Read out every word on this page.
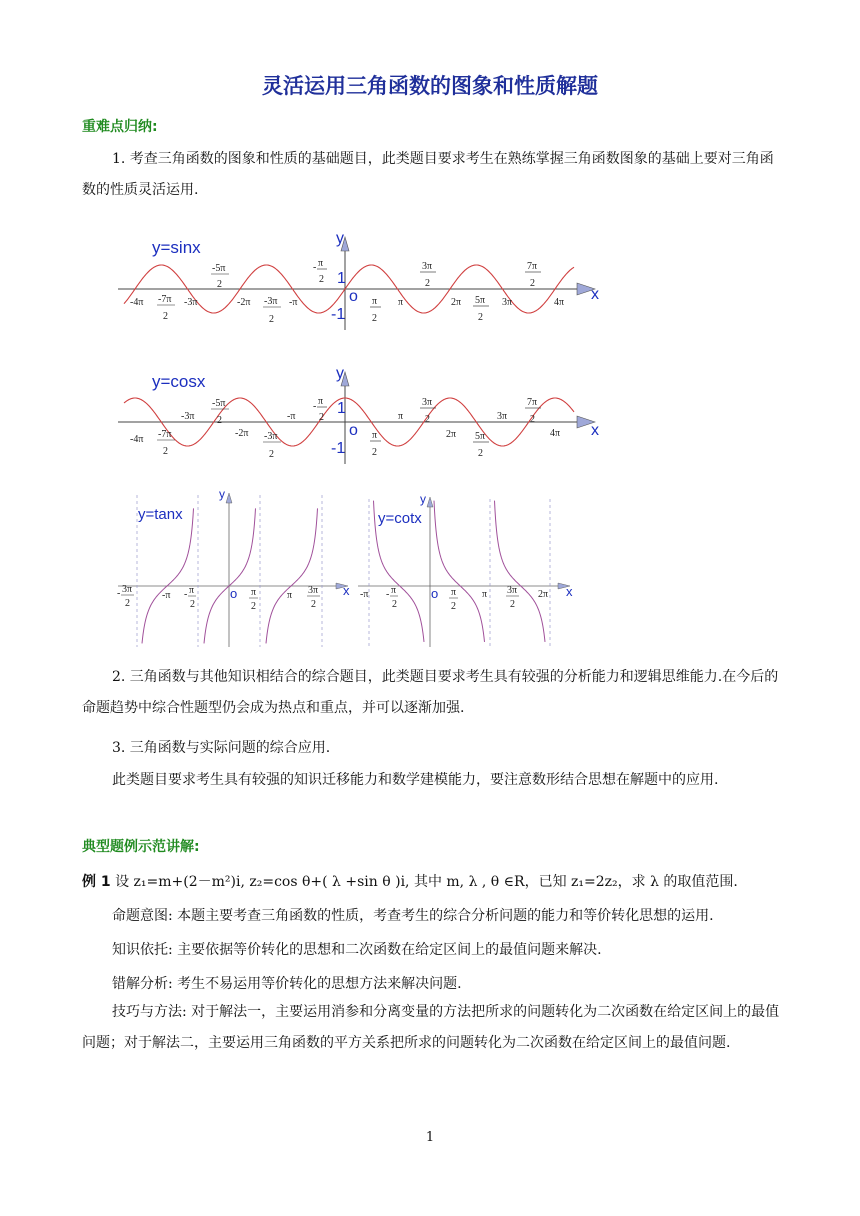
灵活运用三角函数的图象和性质解题
重难点归纳:

1. 考查三角函数的图象和性质的基础题目，此类题目要求考生在熟练掌握三角函数图象的基础上要对三角函数的性质灵活运用.

y=sinx	y
x
o
1
-1
-4π -7π
2
-3π
-5π
2
-2π -3π
2
-π
- π
2
π
2
π
3π
2
2π 5π
2
3π
7π
2
4π
y=cosx	y
x
o
1
-1
-4π -7π
2
-3π
-5π
2
-2π -3π
2
-π
- π
2
π
2
π
3π
2
2π 5π
2
3π
7π
2
4π
y=tanx
y
x
o
- 3π
2
-π - π
2
π
2
π 3π
2
y=cotx
y
x
o
-π - π
2
π
2
π 3π
2
2π

2. 三角函数与其他知识相结合的综合题目，此类题目要求考生具有较强的分析能力和逻辑思维能力.在今后的命题趋势中综合性题型仍会成为热点和重点，并可以逐渐加强.

3. 三角函数与实际问题的综合应用.
此类题目要求考生具有较强的知识迁移能力和数学建模能力，要注意数形结合思想在解题中的应用.
典型题例示范讲解:
例 1 设 z₁=m+(2－m²)i, z₂=cos θ+( λ +sin θ )i, 其中 m, λ , θ ∈R，已知 z₁=2z₂，求 λ 的取值范围.
命题意图: 本题主要考查三角函数的性质，考查考生的综合分析问题的能力和等价转化思想的运用.
知识依托: 主要依据等价转化的思想和二次函数在给定区间上的最值问题来解决.
错解分析: 考生不易运用等价转化的思想方法来解决问题.

技巧与方法: 对于解法一，主要运用消参和分离变量的方法把所求的问题转化为二次函数在给定区间上的最值问题；对于解法二，主要运用三角函数的平方关系把所求的问题转化为二次函数在给定区间上的最值问题.

1
